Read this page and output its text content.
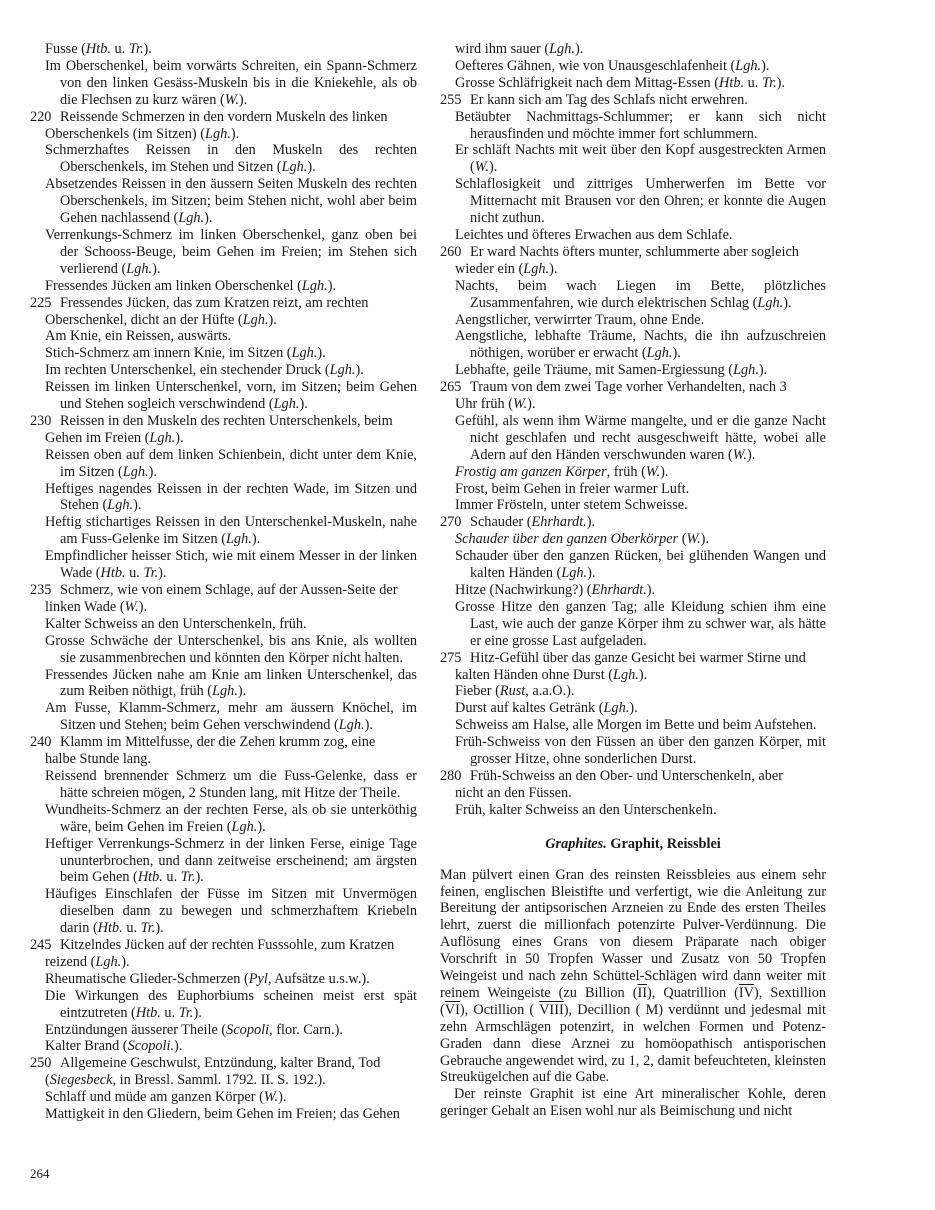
Fusse (Htb. u. Tr.).
Im Oberschenkel, beim vorwärts Schreiten, ein Spann-Schmerz von den linken Gesäss-Muskeln bis in die Kniekehle, als ob die Flechsen zu kurz wären (W.).
220 Reissende Schmerzen in den vordern Muskeln des linken
Oberschenkels (im Sitzen) (Lgh.).
Schmerzhaftes Reissen in den Muskeln des rechten Oberschenkels, im Stehen und Sitzen (Lgh.).
Absetzendes Reissen in den äussern Seiten Muskeln des rechten Oberschenkels, im Sitzen; beim Stehen nicht, wohl aber beim Gehen nachlassend (Lgh.).
Verrenkungs-Schmerz im linken Oberschenkel, ganz oben bei der Schooss-Beuge, beim Gehen im Freien; im Stehen sich verlierend (Lgh.).
Fressendes Jücken am linken Oberschenkel (Lgh.).
225 Fressendes Jücken, das zum Kratzen reizt, am rechten
Oberschenkel, dicht an der Hüfte (Lgh.).
Am Knie, ein Reissen, auswärts.
Stich-Schmerz am innern Knie, im Sitzen (Lgh.).
Im rechten Unterschenkel, ein stechender Druck (Lgh.).
Reissen im linken Unterschenkel, vorn, im Sitzen; beim Gehen und Stehen sogleich verschwindend (Lgh.).
230 Reissen in den Muskeln des rechten Unterschenkels, beim
Gehen im Freien (Lgh.).
Reissen oben auf dem linken Schienbein, dicht unter dem Knie, im Sitzen (Lgh.).
Heftiges nagendes Reissen in der rechten Wade, im Sitzen und Stehen (Lgh.).
Heftig stichartiges Reissen in den Unterschenkel-Muskeln, nahe am Fuss-Gelenke im Sitzen (Lgh.).
Empfindlicher heisser Stich, wie mit einem Messer in der linken Wade (Htb. u. Tr.).
235 Schmerz, wie von einem Schlage, auf der Aussen-Seite der
linken Wade (W.).
Kalter Schweiss an den Unterschenkeln, früh.
Grosse Schwäche der Unterschenkel, bis ans Knie, als wollten sie zusammenbrechen und könnten den Körper nicht halten.
Fressendes Jücken nahe am Knie am linken Unterschenkel, das zum Reiben nöthigt, früh (Lgh.).
Am Fusse, Klamm-Schmerz, mehr am äussern Knöchel, im Sitzen und Stehen; beim Gehen verschwindend (Lgh.).
240 Klamm im Mittelfusse, der die Zehen krumm zog, eine
halbe Stunde lang.
Reissend brennender Schmerz um die Fuss-Gelenke, dass er hätte schreien mögen, 2 Stunden lang, mit Hitze der Theile.
Wundheits-Schmerz an der rechten Ferse, als ob sie unterköthig wäre, beim Gehen im Freien (Lgh.).
Heftiger Verrenkungs-Schmerz in der linken Ferse, einige Tage ununterbrochen, und dann zeitweise erscheinend; am ärgsten beim Gehen (Htb. u. Tr.).
Häufiges Einschlafen der Füsse im Sitzen mit Unvermögen dieselben dann zu bewegen und schmerzhaftem Kriebeln darin (Htb. u. Tr.).
245 Kitzelndes Jücken auf der rechten Fusssohle, zum Kratzen
reizend (Lgh.).
Rheumatische Glieder-Schmerzen (Pyl, Aufsätze u.s.w.).
Die Wirkungen des Euphorbiums scheinen meist erst spät eintzutreten (Htb. u. Tr.).
Entzündungen äusserer Theile (Scopoli, flor. Carn.).
Kalter Brand (Scopoli.).
250 Allgemeine Geschwulst, Entzündung, kalter Brand, Tod
(Siegesbeck, in Bressl. Samml. 1792. II. S. 192.).
Schlaff und müde am ganzen Körper (W.).
Mattigkeit in den Gliedern, beim Gehen im Freien; das Gehen
wird ihm sauer (Lgh.).
Oefteres Gähnen, wie von Unausgeschlafenheit (Lgh.).
Grosse Schläfrigkeit nach dem Mittag-Essen (Htb. u. Tr.).
255 Er kann sich am Tag des Schlafs nicht erwehren.
Betäubter Nachmittags-Schlummer; er kann sich nicht herausfinden und möchte immer fort schlummern.
Er schläft Nachts mit weit über den Kopf ausgestreckten Armen (W.).
Schlaflosigkeit und zittriges Umherwerfen im Bette vor Mitternacht mit Brausen vor den Ohren; er konnte die Augen nicht zuthun.
Leichtes und öfteres Erwachen aus dem Schlafe.
260 Er ward Nachts öfters munter, schlummerte aber sogleich
wieder ein (Lgh.).
Nachts, beim wach Liegen im Bette, plötzliches Zusammenfahren, wie durch elektrischen Schlag (Lgh.).
Aengstlicher, verwirrter Traum, ohne Ende.
Aengstliche, lebhafte Träume, Nachts, die ihn aufzuschreien nöthigen, worüber er erwacht (Lgh.).
Lebhafte, geile Träume, mit Samen-Ergiessung (Lgh.).
265 Traum von dem zwei Tage vorher Verhandelten, nach 3
Uhr früh (W.).
Gefühl, als wenn ihm Wärme mangelte, und er die ganze Nacht nicht geschlafen und recht ausgeschweift hätte, wobei alle Adern auf den Händen verschwunden waren (W.).
Frostig am ganzen Körper, früh (W.).
Frost, beim Gehen in freier warmer Luft.
Immer Frösteln, unter stetem Schweisse.
270 Schauder (Ehrhardt.).
Schauder über den ganzen Oberkörper (W.).
Schauder über den ganzen Rücken, bei glühenden Wangen und kalten Händen (Lgh.).
Hitze (Nachwirkung?) (Ehrhardt.).
Grosse Hitze den ganzen Tag; alle Kleidung schien ihm eine Last, wie auch der ganze Körper ihm zu schwer war, als hätte er eine grosse Last aufgeladen.
275 Hitz-Gefühl über das ganze Gesicht bei warmer Stirne und
kalten Händen ohne Durst (Lgh.).
Fieber (Rust, a.a.O.).
Durst auf kaltes Getränk (Lgh.).
Schweiss am Halse, alle Morgen im Bette und beim Aufstehen.
Früh-Schweiss von den Füssen an über den ganzen Körper, mit grosser Hitze, ohne sonderlichen Durst.
280 Früh-Schweiss an den Ober- und Unterschenkeln, aber
nicht an den Füssen.
Früh, kalter Schweiss an den Unterschenkeln.
Graphites. Graphit, Reissblei
Man pülvert einen Gran des reinsten Reissbleies aus einem sehr feinen, englischen Bleistifte und verfertigt, wie die Anleitung zur Bereitung der antipsorischen Arzneien zu Ende des ersten Theiles lehrt, zuerst die millionfach potenzirte Pulver-Verdünnung. Die Auflösung eines Grans von diesem Präparate nach obiger Vorschrift in 50 Tropfen Wasser und Zusatz von 50 Tropfen Weingeist und nach zehn Schüttel-Schlägen wird dann weiter mit reinem Weingeiste (zu Billion $(\overline{II})$, Quatrillion $(\overline{IV})$, Sextillion $(\overline{VI})$, Octillion ( VIII), Decillion ( M) verdünnt und jedesmal mit zehn Armschlägen potenzirt, in welchen Formen und Potenz-Graden dann diese Arznei zu homöopathisch antisporischen Gebrauche angewendet wird, zu 1, 2, damit befeuchteten, kleinsten Streukügelchen auf die Gabe.
Der reinste Graphit ist eine Art mineralischer Kohle, deren geringer Gehalt an Eisen wohl nur als Beimischung und nicht
264
